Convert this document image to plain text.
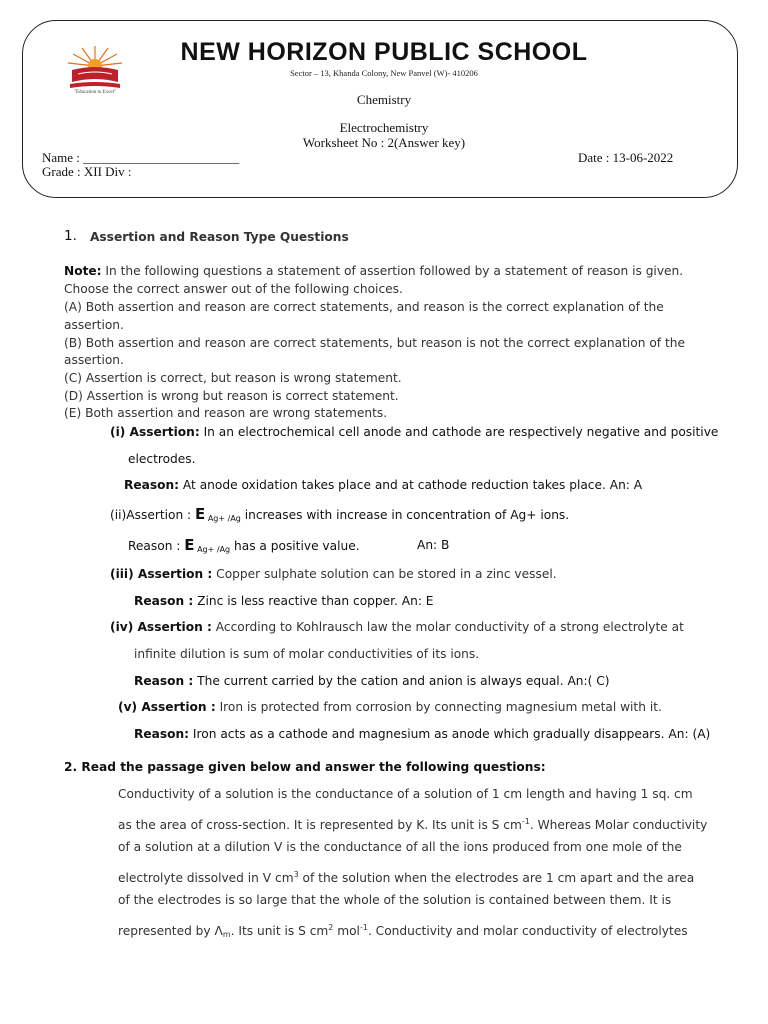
"Education to Excel"
NEW HORIZON PUBLIC SCHOOL
Sector – 13, Khanda Colony, New Panvel (W)- 410206
Chemistry
Electrochemistry
Worksheet No : 2(Answer key)
Name : ________________________
Grade : XII Div :
Date : 13-06-2022
1. Assertion and Reason Type Questions
Note: In the following questions a statement of assertion followed by a statement of reason is given.
Choose the correct answer out of the following choices.
(A) Both assertion and reason are correct statements, and reason is the correct explanation of the
assertion.
(B) Both assertion and reason are correct statements, but reason is not the correct explanation of the
assertion.
(C) Assertion is correct, but reason is wrong statement.
(D) Assertion is wrong but reason is correct statement.
(E) Both assertion and reason are wrong statements.
(i) Assertion: In an electrochemical cell anode and cathode are respectively negative and positive
electrodes.
Reason: At anode oxidation takes place and at cathode reduction takes place. An: A
(ii)Assertion : E $_{Ag+ /Ag}$ increases with increase in concentration of Ag+ ions.
Reason : E $_{Ag+ /Ag}$ has a positive value.	An: B
(iii) Assertion : Copper sulphate solution can be stored in a zinc vessel.
Reason : Zinc is less reactive than copper. An: E
(iv) Assertion : According to Kohlrausch law the molar conductivity of a strong electrolyte at
infinite dilution is sum of molar conductivities of its ions.
Reason : The current carried by the cation and anion is always equal. An:( C)
(v) Assertion : Iron is protected from corrosion by connecting magnesium metal with it.
Reason: Iron acts as a cathode and magnesium as anode which gradually disappears. An: (A)
2. Read the passage given below and answer the following questions:
Conductivity of a solution is the conductance of a solution of 1 cm length and having 1 sq. cm
as the area of cross-section. It is represented by K. Its unit is S $cm^{-1}$. Whereas Molar conductivity
of a solution at a dilution V is the conductance of all the ions produced from one mole of the
electrolyte dissolved in V $cm^3$ of the solution when the electrodes are 1 cm apart and the area
of the electrodes is so large that the whole of the solution is contained between them. It is
represented by $\Lambda_m$. Its unit is S $cm^2$ mol$^{-1}$. Conductivity and molar conductivity of electrolytes
